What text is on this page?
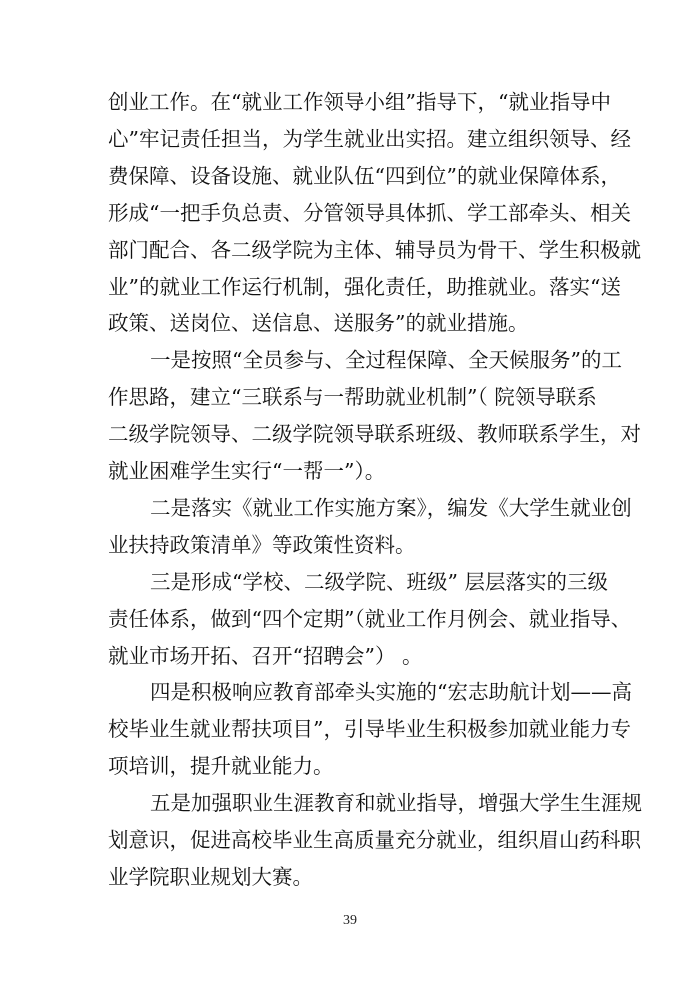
创业工作。在“就业工作领导小组”指导下，“就业指导中
心”牢记责任担当，为学生就业出实招。建立组织领导、经
费保障、设备设施、就业队伍“四到位”的就业保障体系，
形成“一把手负总责、分管领导具体抓、学工部牵头、相关
部门配合、各二级学院为主体、辅导员为骨干、学生积极就
业”的就业工作运行机制，强化责任，助推就业。落实“送
政策、送岗位、送信息、送服务”的就业措施。
一是按照“全员参与、全过程保障、全天候服务”的工
作思路，建立“三联系与一帮助就业机制”（ 院领导联系
二级学院领导、二级学院领导联系班级、教师联系学生，对
就业困难学生实行“一帮一”）。
二是落实《就业工作实施方案》，编发《大学生就业创
业扶持政策清单》等政策性资料。
三是形成“学校、二级学院、班级” 层层落实的三级
责任体系，做到“四个定期”（就业工作月例会、就业指导、
就业市场开拓、召开“招聘会”） 。
四是积极响应教育部牵头实施的“宏志助航计划——高
校毕业生就业帮扶项目”，引导毕业生积极参加就业能力专
项培训，提升就业能力。
五是加强职业生涯教育和就业指导，增强大学生生涯规
划意识，促进高校毕业生高质量充分就业，组织眉山药科职
业学院职业规划大赛。
39
